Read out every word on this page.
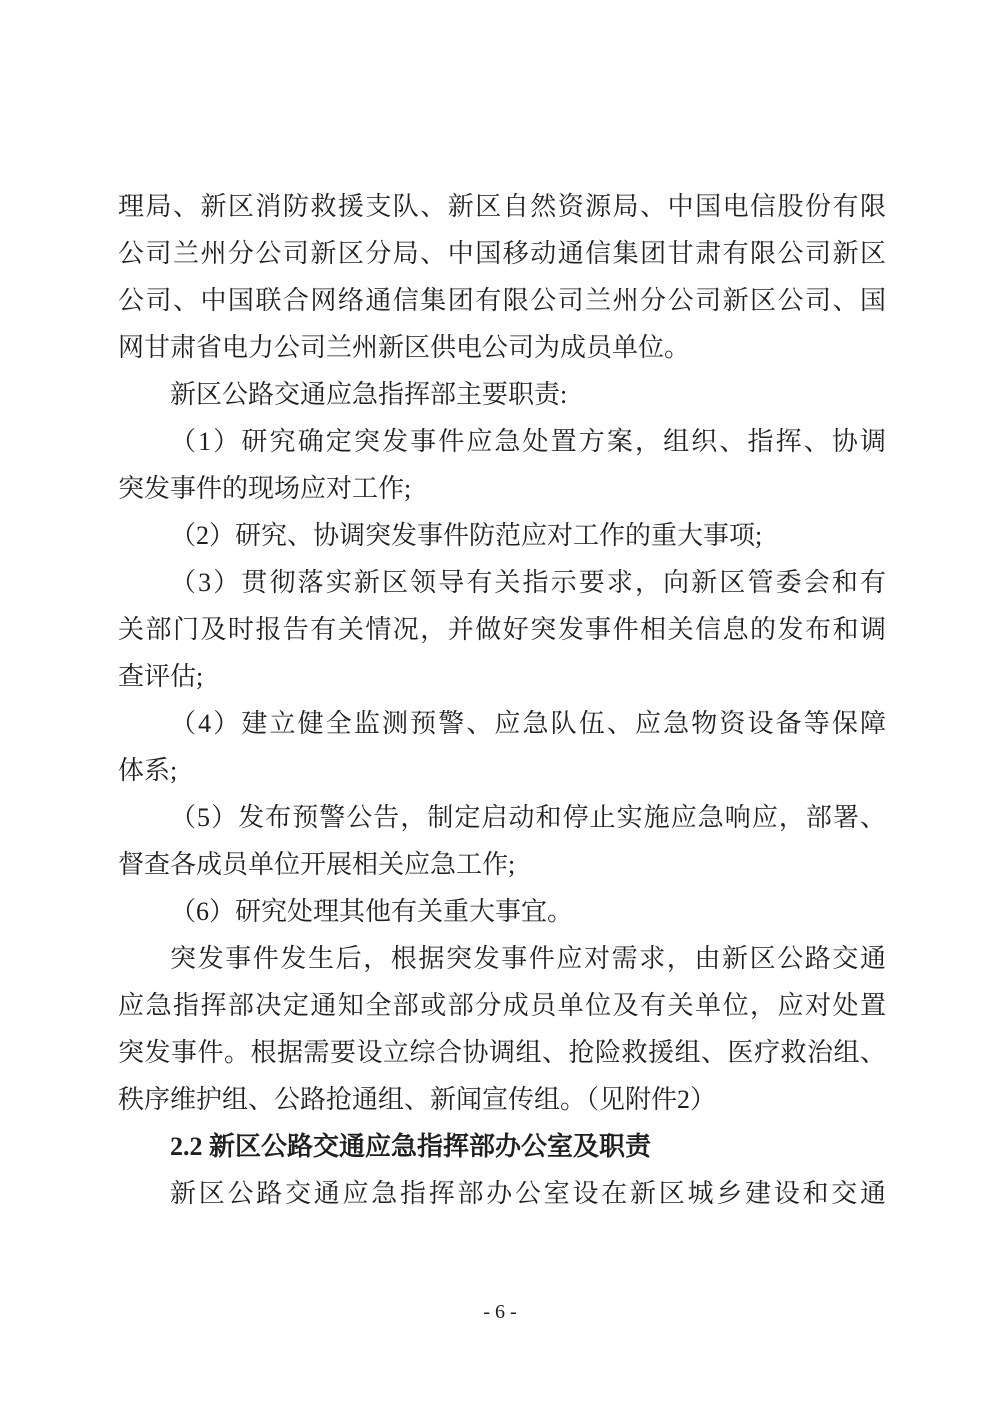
理局、新区消防救援支队、新区自然资源局、中国电信股份有限
公司兰州分公司新区分局、中国移动通信集团甘肃有限公司新区
公司、中国联合网络通信集团有限公司兰州分公司新区公司、国
网甘肃省电力公司兰州新区供电公司为成员单位。
新区公路交通应急指挥部主要职责:
（1）研究确定突发事件应急处置方案，组织、指挥、协调
突发事件的现场应对工作;
（2）研究、协调突发事件防范应对工作的重大事项;
（3）贯彻落实新区领导有关指示要求，向新区管委会和有
关部门及时报告有关情况，并做好突发事件相关信息的发布和调
查评估;
（4）建立健全监测预警、应急队伍、应急物资设备等保障
体系;
（5）发布预警公告，制定启动和停止实施应急响应，部署、
督查各成员单位开展相关应急工作;
（6）研究处理其他有关重大事宜。
突发事件发生后，根据突发事件应对需求，由新区公路交通
应急指挥部决定通知全部或部分成员单位及有关单位，应对处置
突发事件。根据需要设立综合协调组、抢险救援组、医疗救治组、
秩序维护组、公路抢通组、新闻宣传组。（见附件2）
2.2 新区公路交通应急指挥部办公室及职责
新区公路交通应急指挥部办公室设在新区城乡建设和交通
- 6 -
